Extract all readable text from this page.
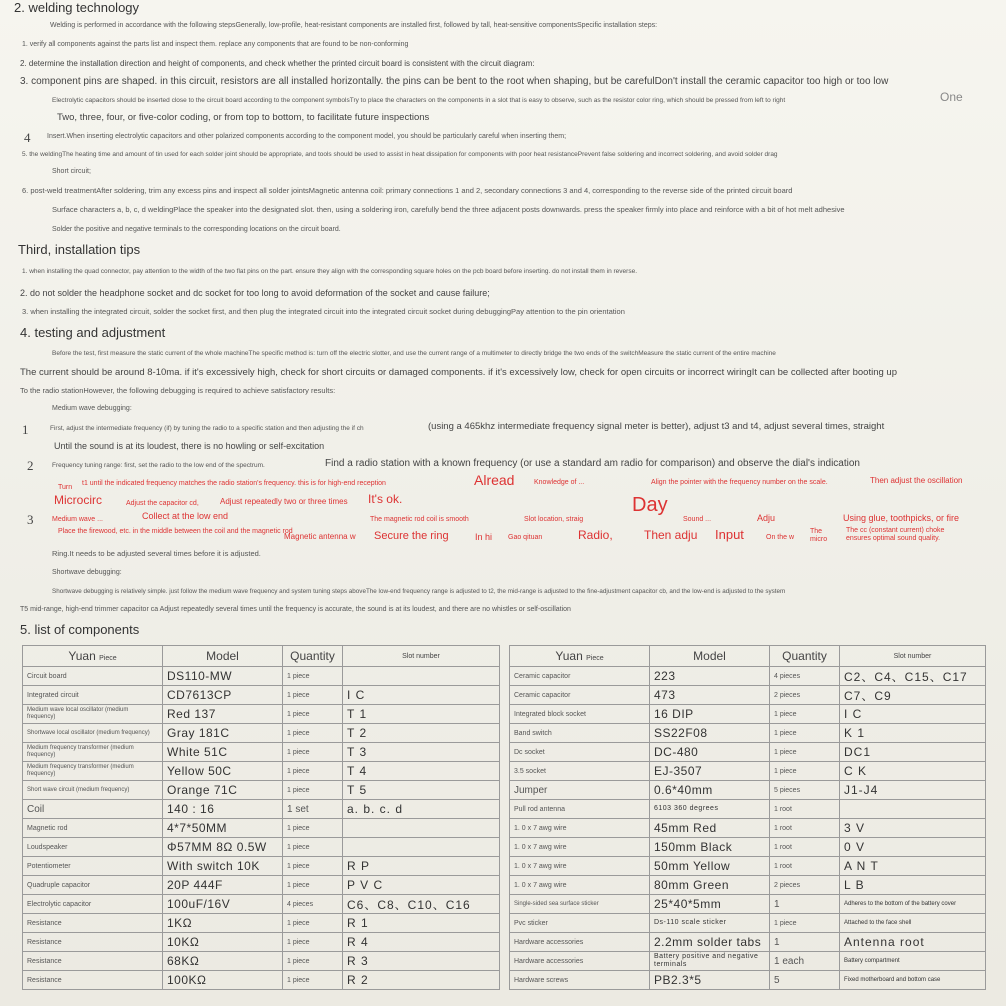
2. welding technology
Welding is performed in accordance with the following stepsGenerally, low-profile, heat-resistant components are installed first, followed by tall, heat-sensitive componentsSpecific installation steps:
1. verify all components against the parts list and inspect them. replace any components that are found to be non-conforming
2. determine the installation direction and height of components, and check whether the printed circuit board is consistent with the circuit diagram:
3. component pins are shaped. in this circuit, resistors are all installed horizontally. the pins can be bent to the root when shaping, but be carefulDon't install the ceramic capacitor too high or too low
Electrolytic capacitors should be inserted close to the circuit board according to the component symbolsTry to place the characters on the components in a slot that is easy to observe, such as the resistor color ring, which should be pressed from left to right	One
Two, three, four, or five-color coding, or from top to bottom, to facilitate future inspections
4 Insert.When inserting electrolytic capacitors and other polarized components according to the component model, you should be particularly careful when inserting them;
5. the weldingThe heating time and amount of tin used for each solder joint should be appropriate, and tools should be used to assist in heat dissipation for components with poor heat resistancePrevent false soldering and incorrect soldering, and avoid solder drag
Short circuit;
6. post-weld treatmentAfter soldering, trim any excess pins and inspect all solder jointsMagnetic antenna coil: primary connections 1 and 2, secondary connections 3 and 4, corresponding to the reverse side of the printed circuit board
Surface characters a, b, c, d weldingPlace the speaker into the designated slot. then, using a soldering iron, carefully bend the three adjacent posts downwards. press the speaker firmly into place and reinforce with a bit of hot melt adhesive
Solder the positive and negative terminals to the corresponding locations on the circuit board.
Third, installation tips
1. when installing the quad connector, pay attention to the width of the two flat pins on the part. ensure they align with the corresponding square holes on the pcb board before inserting. do not install them in reverse.
2. do not solder the headphone socket and dc socket for too long to avoid deformation of the socket and cause failure;
3. when installing the integrated circuit, solder the socket first, and then plug the integrated circuit into the integrated circuit socket during debuggingPay attention to the pin orientation
4. testing and adjustment
Before the test, first measure the static current of the whole machineThe specific method is: turn off the electric slotter, and use the current range of a multimeter to directly bridge the two ends of the switchMeasure the static current of the entire machine
The current should be around 8-10ma. if it's excessively high, check for short circuits or damaged components. if it's excessively low, check for open circuits or incorrect wiringIt can be collected after booting up
To the radio stationHowever, the following debugging is required to achieve satisfactory results:
Medium wave debugging:
1	First, adjust the intermediate frequency (if) by tuning the radio to a specific station and then adjusting the if ch	(using a 465khz intermediate frequency signal meter is better), adjust t3 and t4, adjust several times, straight
Until the sound is at its loudest, there is no howling or self-excitation
2	Frequency tuning range: first, set the radio to the low end of the spectrum.	Find a radio station with a known frequency (or use a standard am radio for comparison) and observe the dial's indication
Turn
t1 until the indicated frequency matches the radio station's frequency. this is for high-end reception	Alread	Knowledge of ...	Align the pointer with the frequency number on the scale.	Then adjust the oscillation
Microcirc	Adjust the capacitor cd,	Adjust repeatedly two or three times It's ok.	Day
Medium wave ...	Collect at the low end	The magnetic rod coil is smooth	Slot location, straig	Sound ...	Adju	Using glue, toothpicks, or fire
Place the firewood, etc. in the middle between the coil and the magnetic rod
Magnetic antenna w Secure the ring	In hi Gao qituan	Radio,	Then adju Input	On the w
The micro
The cc (constant current) choke ensures optimal sound quality.
3
Ring.It needs to be adjusted several times before it is adjusted.
Shortwave debugging:
Shortwave debugging is relatively simple. just follow the medium wave frequency and system tuning steps aboveThe low-end frequency range is adjusted to t2, the mid-range is adjusted to the fine-adjustment capacitor cb, and the low-end is adjusted to the system
T5 mid-range, high-end trimmer capacitor ca Adjust repeatedly several times until the frequency is accurate, the sound is at its loudest, and there are no whistles or self-oscillation
5. list of components
Yuan Piece	Model	Quantity	Slot number
Circuit board	DS110-MW	1 piece	
Integrated circuit	CD7613CP	1 piece	I C
Medium wave local oscillator (medium frequency)	Red 137	1 piece	T 1
Shortwave local oscillator (medium frequency)	Gray 181C	1 piece	T 2
Medium frequency transformer (medium frequency)	White 51C	1 piece	T 3
Medium frequency transformer (medium frequency)	Yellow 50C	1 piece	T 4
Short wave circuit (medium frequency)	Orange 71C	1 piece	T 5
Coil	140 : 16	1 set	a. b. c. d
Magnetic rod	4*7*50MM	1 piece	
Loudspeaker	Φ57MM 8Ω 0.5W	1 piece	
Potentiometer	With switch 10K	1 piece	R P
Quadruple capacitor	20P 444F	1 piece	P V C
Electrolytic capacitor	100uF/16V	4 pieces	C6、C8、C10、C16
Resistance	1KΩ	1 piece	R 1
Resistance	10KΩ	1 piece	R 4
Resistance	68KΩ	1 piece	R 3
Resistance	100KΩ	1 piece	R 2
Yuan Piece	Model	Quantity	Slot number
Ceramic capacitor	223	4 pieces	C2、C4、C15、C17
Ceramic capacitor	473	2 pieces	C7、C9
Integrated block socket	16 DIP	1 piece	I C
Band switch	SS22F08	1 piece	K 1
Dc socket	DC-480	1 piece	DC1
3.5 socket	EJ-3507	1 piece	C K
Jumper	0.6*40mm	5 pieces	J1-J4
Pull rod antenna	6103 360 degrees	1 root	
1. 0 x 7 awg wire	45mm Red	1 root	3 V
1. 0 x 7 awg wire	150mm Black	1 root	0 V
1. 0 x 7 awg wire	50mm Yellow	1 root	A N T
1. 0 x 7 awg wire	80mm Green	2 pieces	L B
Single-sided sea surface sticker	25*40*5mm	1	Adheres to the bottom of the battery cover
Pvc sticker	Ds-110 scale sticker	1 piece	Attached to the face shell
Hardware accessories	2.2mm solder tabs	1	Antenna root
Hardware accessories	Battery positive and negative terminals	1 each	Battery compartment
Hardware screws	PB2.3*5	5	Fixed motherboard and bottom case
